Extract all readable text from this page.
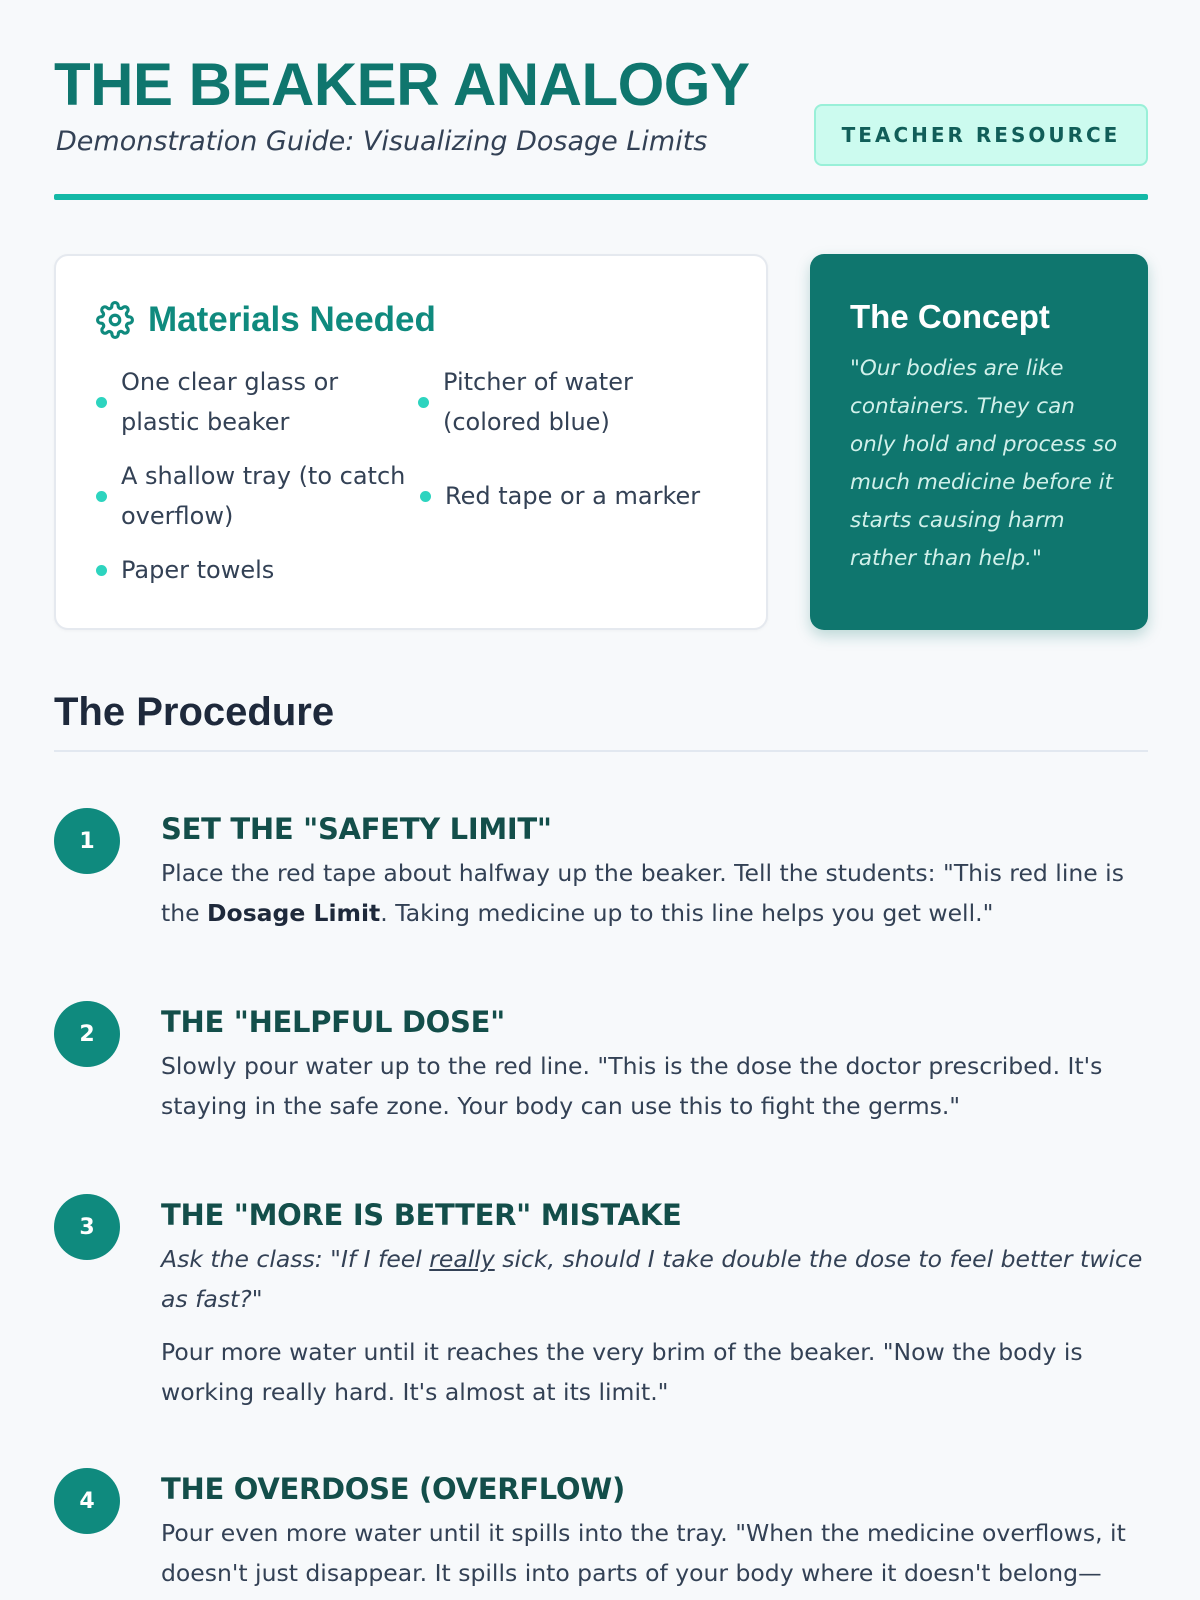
THE BEAKER ANALOGY
Demonstration Guide: Visualizing Dosage Limits	TEACHER RESOURCE
Materials Needed
One clear glass or plastic beaker
Pitcher of water (colored blue)
A shallow tray (to catch overflow)
Red tape or a marker
Paper towels
The Concept

"Our bodies are like containers. They can only hold and process so much medicine before it starts causing harm rather than help."

The Procedure
1	SET THE "SAFETY LIMIT"

Place the red tape about halfway up the beaker. Tell the students: "This red line is the Dosage Limit. Taking medicine up to this line helps you get well."

2	THE "HELPFUL DOSE"

Slowly pour water up to the red line. "This is the dose the doctor prescribed. It's staying in the safe zone. Your body can use this to fight the germs."

3	THE "MORE IS BETTER" MISTAKE

Ask the class: "If I feel really sick, should I take double the dose to feel better twice as fast?"

Pour more water until it reaches the very brim of the beaker. "Now the body is working really hard. It's almost at its limit."

4	THE OVERDOSE (OVERFLOW)

Pour even more water until it spills into the tray. "When the medicine overflows, it doesn't just disappear. It spills into parts of your body where it doesn't belong—
